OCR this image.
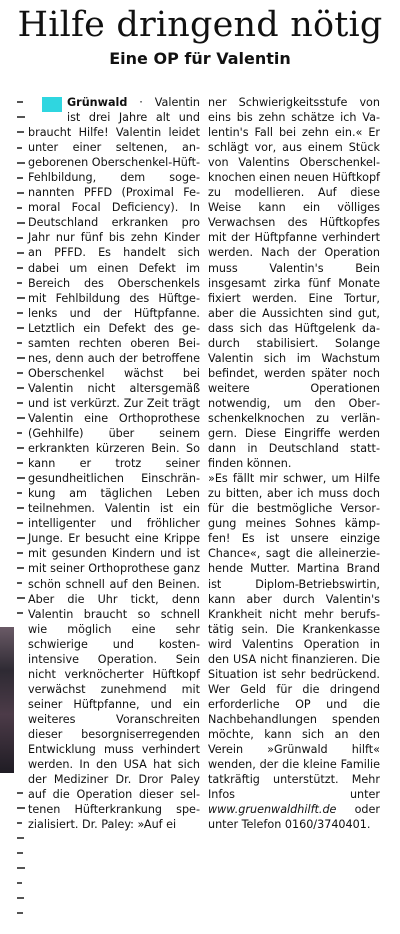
Hilfe dringend nötig
Eine OP für Valentin

Grünwald · Valentin ist drei Jahre alt und braucht Hilfe! Valentin leidet unter einer seltenen, angeborenen Oberschenkel-Hüft-Fehlbildung, dem sogenannten PFFD (Proximal Femoral Focal Deficiency). In Deutschland erkranken pro Jahr nur fünf bis zehn Kinder an PFFD. Es handelt sich dabei um einen Defekt im Bereich des Oberschenkels mit Fehlbildung des Hüftgelenks und der Hüftpfanne. Letztlich ein Defekt des gesamten rechten oberen Beines, denn auch der betroffene Oberschenkel wächst bei Valentin nicht altersgemäß und ist verkürzt. Zur Zeit trägt Valentin eine Orthoprothese (Gehhilfe) über seinem erkrankten kürzeren Bein. So kann er trotz seiner gesundheitlichen Einschränkung am täglichen Leben teilnehmen. Valentin ist ein intelligenter und fröhlicher Junge. Er besucht eine Krippe mit gesunden Kindern und ist mit seiner Orthoprothese ganz schön schnell auf den Beinen. Aber die Uhr tickt, denn Valentin braucht so schnell wie möglich eine sehr schwierige und kostenintensive Operation. Sein nicht verknöcherter Hüftkopf verwächst zunehmend mit seiner Hüftpfanne, und ein weiteres Voranschreiten dieser besorgniserregenden Entwicklung muss verhindert werden. In den USA hat sich der Mediziner Dr. Dror Paley auf die Operation dieser seltenen Hüfterkrankung spezialisiert. Dr. Paley: »Auf ei

ner Schwierigkeitsstufe von eins bis zehn schätze ich Valentin's Fall bei zehn ein.« Er schlägt vor, aus einem Stück von Valentins Oberschenkelknochen einen neuen Hüftkopf zu modellieren. Auf diese Weise kann ein völliges Verwachsen des Hüftkopfes mit der Hüftpfanne verhindert werden. Nach der Operation muss Valentin's Bein insgesamt zirka fünf Monate fixiert werden. Eine Tortur, aber die Aussichten sind gut, dass sich das Hüftgelenk dadurch stabilisiert. Solange Valentin sich im Wachstum befindet, werden später noch weitere Operationen notwendig, um den Oberschenkelknochen zu verlängern. Diese Eingriffe werden dann in Deutschland stattfinden können.

»Es fällt mir schwer, um Hilfe zu bitten, aber ich muss doch für die bestmögliche Versorgung meines Sohnes kämpfen! Es ist unsere einzige Chance«, sagt die alleinerziehende Mutter. Martina Brand ist Diplom-Betriebswirtin, kann aber durch Valentin's Krankheit nicht mehr berufstätig sein. Die Krankenkasse wird Valentins Operation in den USA nicht finanzieren. Die Situation ist sehr bedrückend. Wer Geld für die dringend erforderliche OP und die Nachbehandlungen spenden möchte, kann sich an den Verein »Grünwald hilft« wenden, der die kleine Familie tatkräftig unterstützt. Mehr Infos unter www.gruenwaldhilft.de oder unter Telefon 0160/3740401.
